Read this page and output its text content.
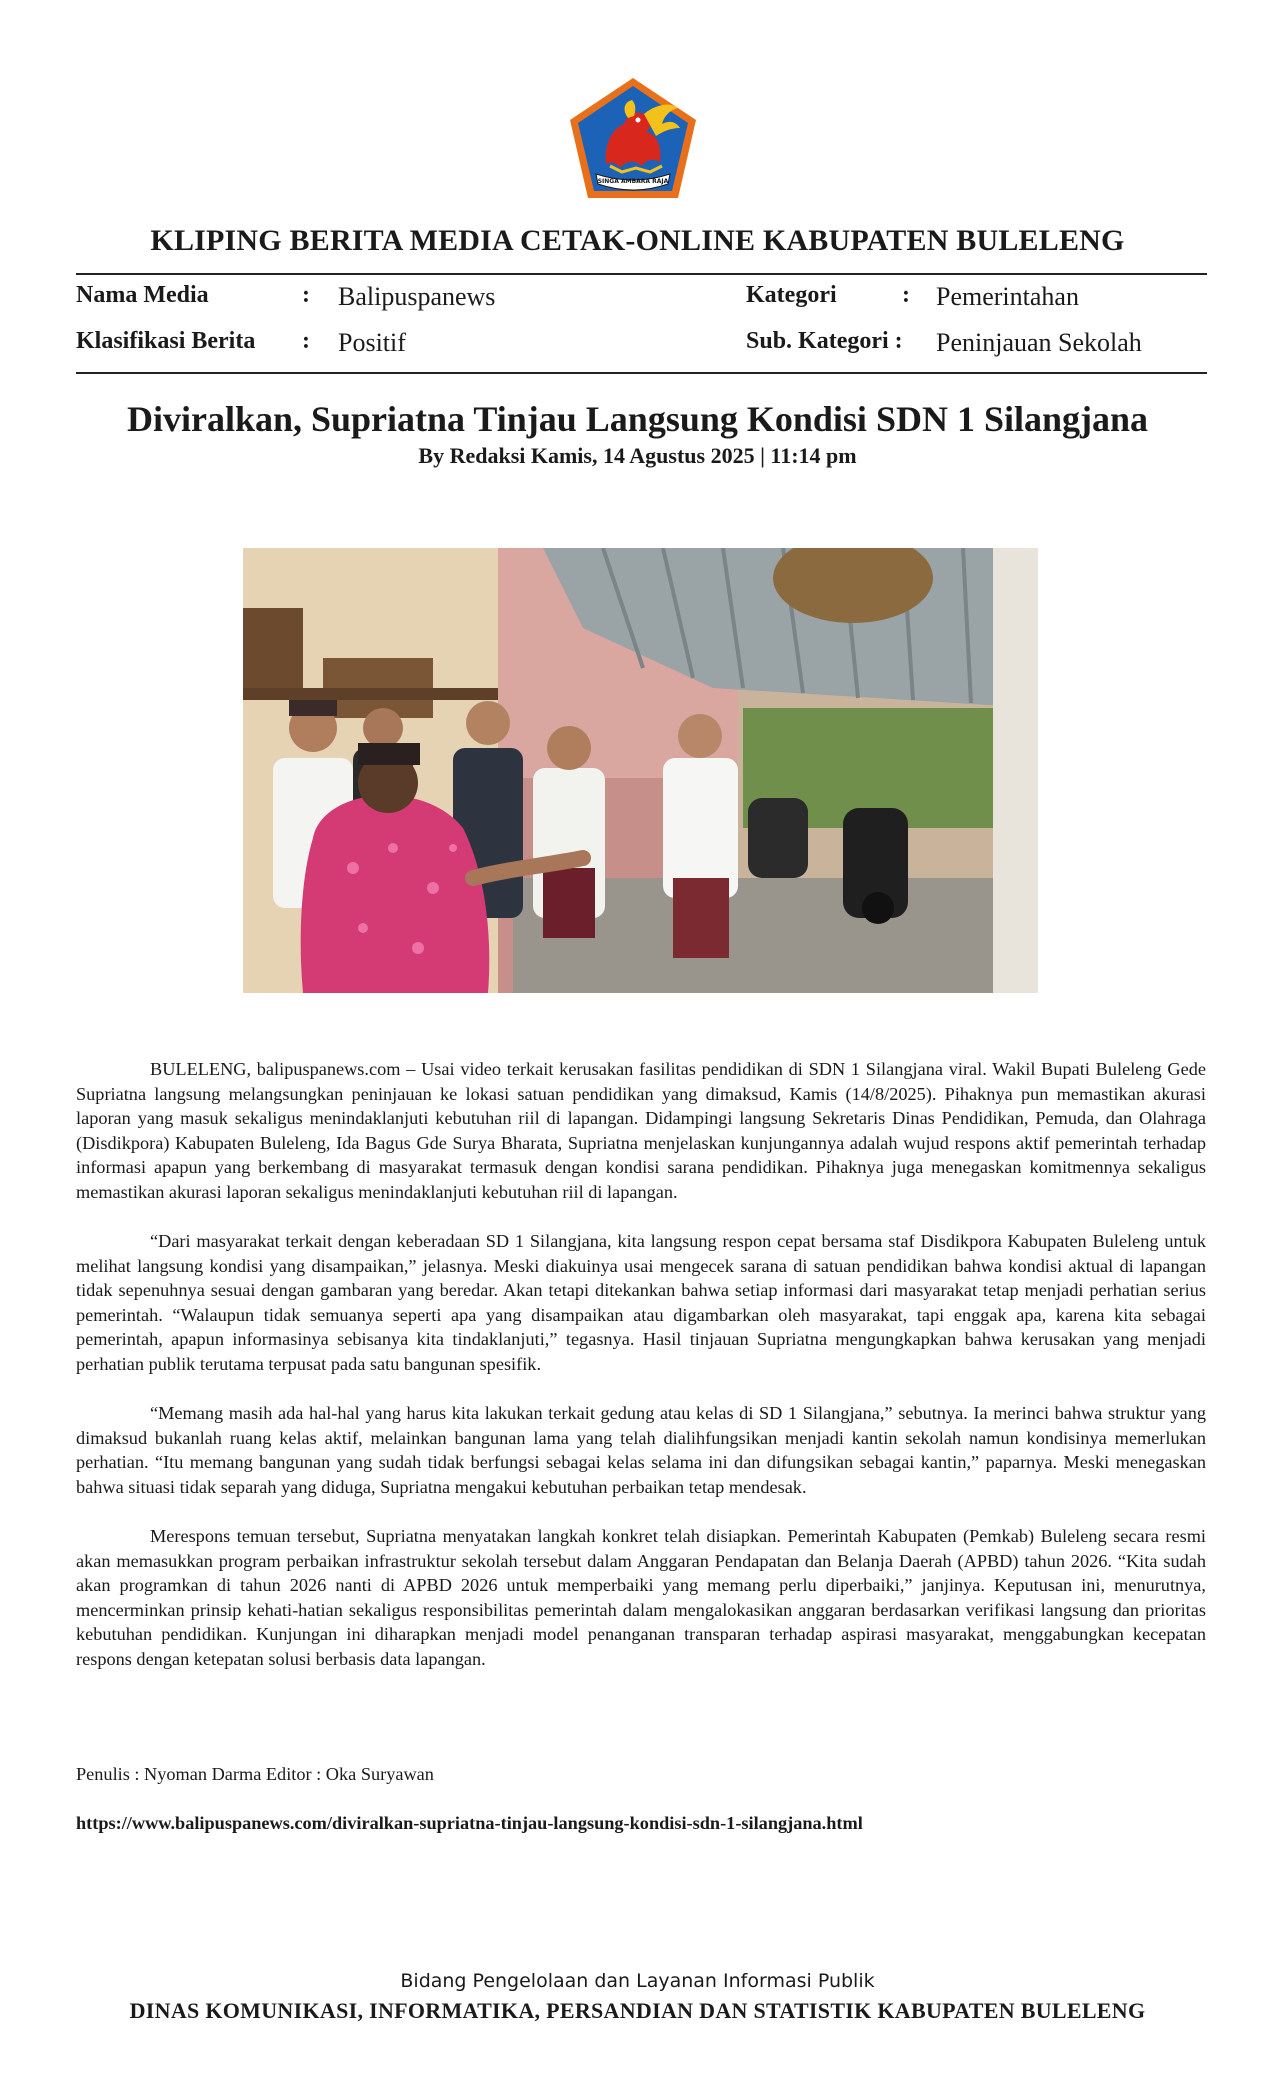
SINGA AMBARA RAJA
KLIPING BERITA MEDIA CETAK-ONLINE KABUPATEN BULELENG
Nama Media	: Balipuspanews	Kategori	: Pemerintahan
Klasifikasi Berita : Positif	Sub. Kategori : Peninjauan Sekolah
Diviralkan, Supriatna Tinjau Langsung Kondisi SDN 1 Silangjana
By Redaksi Kamis, 14 Agustus 2025 | 11:14 pm

BULELENG, balipuspanews.com – Usai video terkait kerusakan fasilitas pendidikan di SDN 1 Silangjana viral. Wakil Bupati Buleleng Gede Supriatna langsung melangsungkan peninjauan ke lokasi satuan pendidikan yang dimaksud, Kamis (14/8/2025). Pihaknya pun memastikan akurasi laporan yang masuk sekaligus menindaklanjuti kebutuhan riil di lapangan. Didampingi langsung Sekretaris Dinas Pendidikan, Pemuda, dan Olahraga (Disdikpora) Kabupaten Buleleng, Ida Bagus Gde Surya Bharata, Supriatna menjelaskan kunjungannya adalah wujud respons aktif pemerintah terhadap informasi apapun yang berkembang di masyarakat termasuk dengan kondisi sarana pendidikan. Pihaknya juga menegaskan komitmennya sekaligus memastikan akurasi laporan sekaligus menindaklanjuti kebutuhan riil di lapangan.

“Dari masyarakat terkait dengan keberadaan SD 1 Silangjana, kita langsung respon cepat bersama staf Disdikpora Kabupaten Buleleng untuk melihat langsung kondisi yang disampaikan,” jelasnya. Meski diakuinya usai mengecek sarana di satuan pendidikan bahwa kondisi aktual di lapangan tidak sepenuhnya sesuai dengan gambaran yang beredar. Akan tetapi ditekankan bahwa setiap informasi dari masyarakat tetap menjadi perhatian serius pemerintah. “Walaupun tidak semuanya seperti apa yang disampaikan atau digambarkan oleh masyarakat, tapi enggak apa, karena kita sebagai pemerintah, apapun informasinya sebisanya kita tindaklanjuti,” tegasnya. Hasil tinjauan Supriatna mengungkapkan bahwa kerusakan yang menjadi perhatian publik terutama terpusat pada satu bangunan spesifik.

“Memang masih ada hal-hal yang harus kita lakukan terkait gedung atau kelas di SD 1 Silangjana,” sebutnya. Ia merinci bahwa struktur yang dimaksud bukanlah ruang kelas aktif, melainkan bangunan lama yang telah dialihfungsikan menjadi kantin sekolah namun kondisinya memerlukan perhatian. “Itu memang bangunan yang sudah tidak berfungsi sebagai kelas selama ini dan difungsikan sebagai kantin,” paparnya. Meski menegaskan bahwa situasi tidak separah yang diduga, Supriatna mengakui kebutuhan perbaikan tetap mendesak.

Merespons temuan tersebut, Supriatna menyatakan langkah konkret telah disiapkan. Pemerintah Kabupaten (Pemkab) Buleleng secara resmi akan memasukkan program perbaikan infrastruktur sekolah tersebut dalam Anggaran Pendapatan dan Belanja Daerah (APBD) tahun 2026. “Kita sudah akan programkan di tahun 2026 nanti di APBD 2026 untuk memperbaiki yang memang perlu diperbaiki,” janjinya. Keputusan ini, menurutnya, mencerminkan prinsip kehati-hatian sekaligus responsibilitas pemerintah dalam mengalokasikan anggaran berdasarkan verifikasi langsung dan prioritas kebutuhan pendidikan. Kunjungan ini diharapkan menjadi model penanganan transparan terhadap aspirasi masyarakat, menggabungkan kecepatan respons dengan ketepatan solusi berbasis data lapangan.

Penulis : Nyoman Darma Editor : Oka Suryawan
https://www.balipuspanews.com/diviralkan-supriatna-tinjau-langsung-kondisi-sdn-1-silangjana.html
Bidang Pengelolaan dan Layanan Informasi Publik
DINAS KOMUNIKASI, INFORMATIKA, PERSANDIAN DAN STATISTIK KABUPATEN BULELENG
